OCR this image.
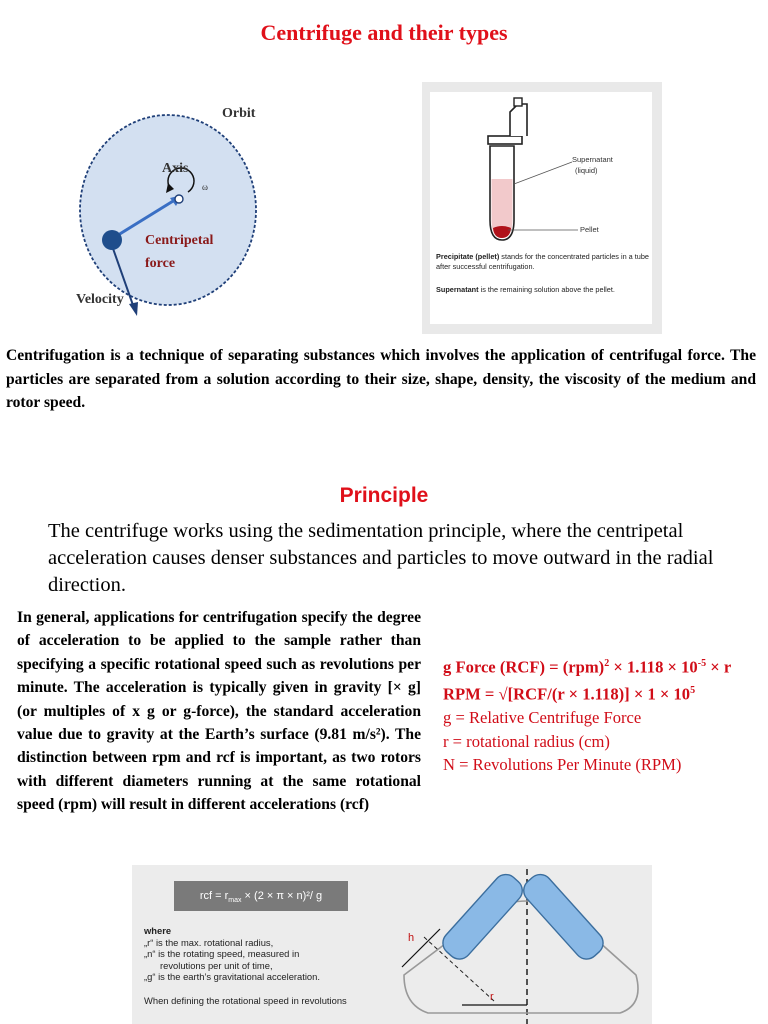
Centrifuge and their types
Orbit
Axis
ω
Centripetal
force
Velocity
Supernatant
(liquid)
Pellet
Precipitate (pellet) stands for the concentrated particles in a tube after successful centrifugation.
Supernatant is the remaining solution above the pellet.
Centrifugation is a technique of separating substances which involves the application of centrifugal force. The particles are separated from a solution according to their size, shape, density, the viscosity of the medium and rotor speed.
Principle
The centrifuge works using the sedimentation principle, where the centripetal acceleration causes denser substances and particles to move outward in the radial direction.
In general, applications for centrifugation specify the degree of acceleration to be applied to the sample rather than specifying a specific rotational speed such as revolutions per minute. The acceleration is typically given in gravity [× g] (or multiples of x g or g-force), the standard acceleration value due to gravity at the Earth’s surface (9.81 m/s²). The distinction between rpm and rcf is important, as two rotors with different diameters running at the same rotational speed (rpm) will result in different accelerations (rcf)
g Force $(RCF) = (rpm)^2 \times 1.118 \times 10^{-5} \times r$
RPM = $√[RCF/(r \times 1.118)] \times 1 \times 10^5$
g = Relative Centrifuge Force
r = rotational radius (cm)
N = Revolutions Per Minute (RPM)
rcf = $r_{max} \times (2 \times \pi \times n)^2/$ g
where
„r“ is the max. rotational radius,
„n“ is the rotating speed, measured in
revolutions per unit of time,
„g“ is the earth’s gravitational acceleration.
When defining the rotational speed in revolutions
h
r
